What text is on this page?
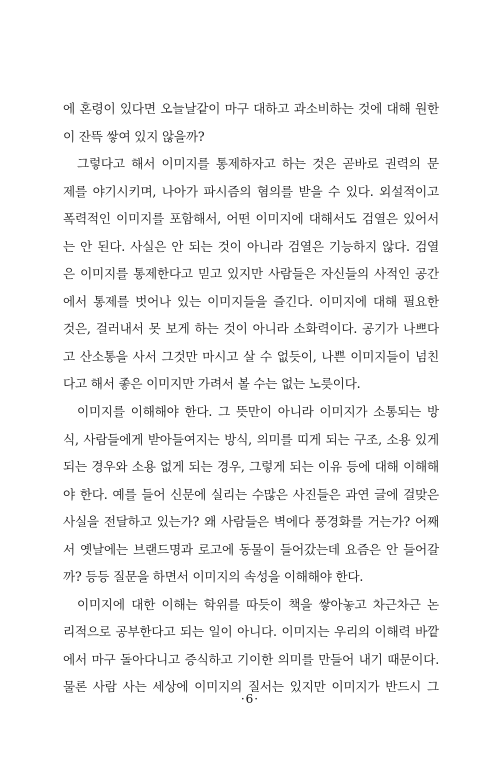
에 혼령이 있다면 오늘날같이 마구 대하고 과소비하는 것에 대해 원한
이 잔뜩 쌓여 있지 않을까?
그렇다고 해서 이미지를 통제하자고 하는 것은 곧바로 권력의 문
제를 야기시키며, 나아가 파시즘의 혐의를 받을 수 있다. 외설적이고
폭력적인 이미지를 포함해서, 어떤 이미지에 대해서도 검열은 있어서
는 안 된다. 사실은 안 되는 것이 아니라 검열은 기능하지 않다. 검열
은 이미지를 통제한다고 믿고 있지만 사람들은 자신들의 사적인 공간
에서 통제를 벗어나 있는 이미지들을 즐긴다. 이미지에 대해 필요한
것은, 걸러내서 못 보게 하는 것이 아니라 소화력이다. 공기가 나쁘다
고 산소통을 사서 그것만 마시고 살 수 없듯이, 나쁜 이미지들이 넘친
다고 해서 좋은 이미지만 가려서 볼 수는 없는 노릇이다.
이미지를 이해해야 한다. 그 뜻만이 아니라 이미지가 소통되는 방
식, 사람들에게 받아들여지는 방식, 의미를 띠게 되는 구조, 소용 있게
되는 경우와 소용 없게 되는 경우, 그렇게 되는 이유 등에 대해 이해해
야 한다. 예를 들어 신문에 실리는 수많은 사진들은 과연 글에 걸맞은
사실을 전달하고 있는가? 왜 사람들은 벽에다 풍경화를 거는가? 어째
서 옛날에는 브랜드명과 로고에 동물이 들어갔는데 요즘은 안 들어갈
까? 등등 질문을 하면서 이미지의 속성을 이해해야 한다.
이미지에 대한 이해는 학위를 따듯이 책을 쌓아놓고 차근차근 논
리적으로 공부한다고 되는 일이 아니다. 이미지는 우리의 이해력 바깥
에서 마구 돌아다니고 증식하고 기이한 의미를 만들어 내기 때문이다.
물론 사람 사는 세상에 이미지의 질서는 있지만 이미지가 반드시 그
·6·
